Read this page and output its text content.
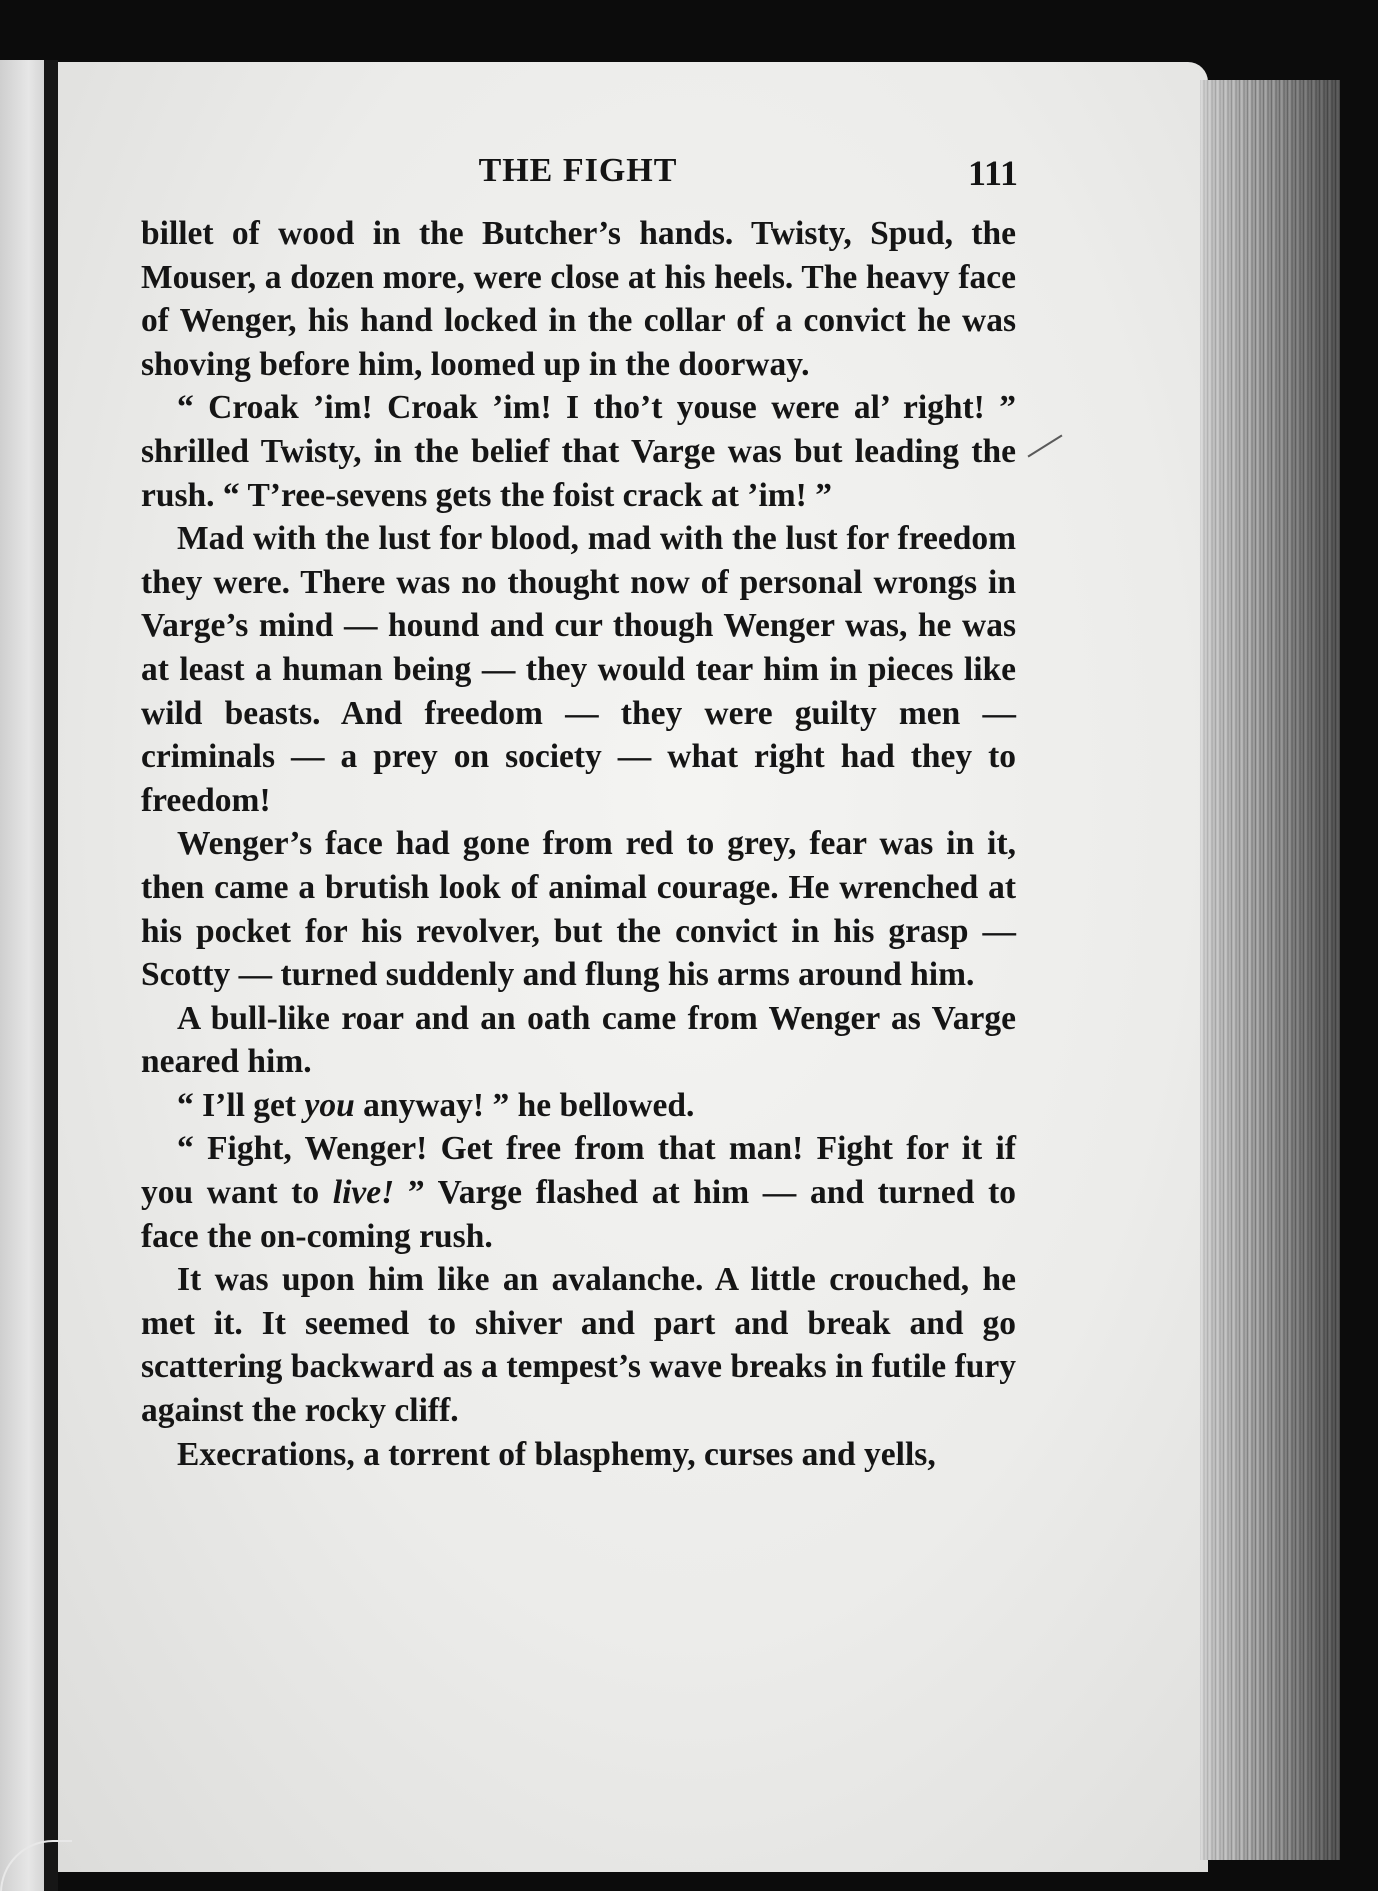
THE FIGHT	111

billet of wood in the Butcher’s hands. Twisty, Spud, the Mouser, a dozen more, were close at his heels. The heavy face of Wenger, his hand locked in the collar of a convict he was shoving before him, loomed up in the doorway.

“ Croak ’im! Croak ’im! I tho’t youse were al’ right! ” shrilled Twisty, in the belief that Varge was but leading the rush. “ T’ree-sevens gets the foist crack at ’im! ”

Mad with the lust for blood, mad with the lust for freedom they were. There was no thought now of personal wrongs in Varge’s mind — hound and cur though Wenger was, he was at least a human being — they would tear him in pieces like wild beasts. And freedom — they were guilty men — criminals — a prey on society — what right had they to freedom!

Wenger’s face had gone from red to grey, fear was in it, then came a brutish look of animal courage. He wrenched at his pocket for his revolver, but the convict in his grasp — Scotty — turned suddenly and flung his arms around him.

A bull-like roar and an oath came from Wenger as Varge neared him.

“ I’ll get you anyway! ” he bellowed.

“ Fight, Wenger! Get free from that man! Fight for it if you want to live! ” Varge flashed at him — and turned to face the on-coming rush.

It was upon him like an avalanche. A little crouched, he met it. It seemed to shiver and part and break and go scattering backward as a tempest’s wave breaks in futile fury against the rocky cliff.

Execrations, a torrent of blasphemy, curses and yells,
